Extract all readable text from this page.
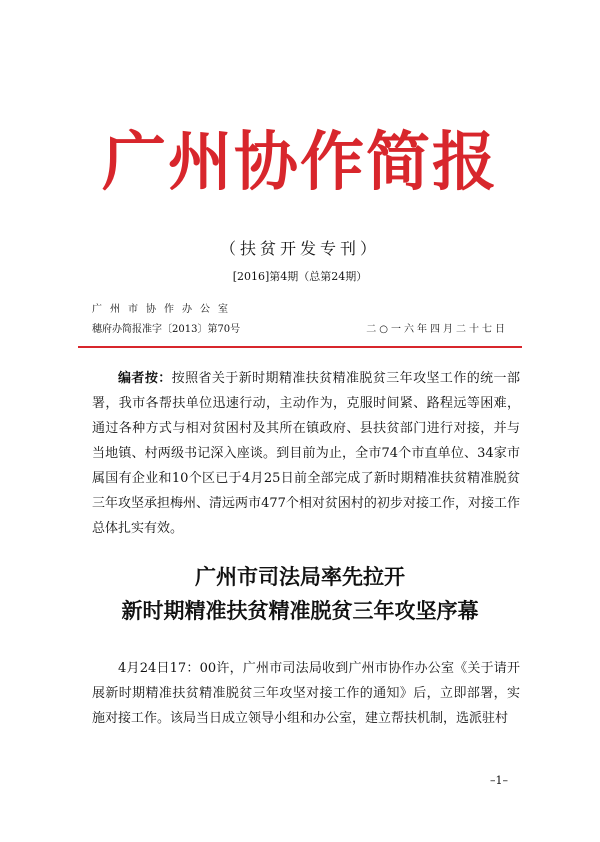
广州协作简报
（扶贫开发专刊）
[2016]第4期（总第24期）
广州市协作办公室
穗府办简报准字〔2013〕第70号	二○一六年四月二十七日
编者按：按照省关于新时期精准扶贫精准脱贫三年攻坚工作的统一部署，我市各帮扶单位迅速行动，主动作为，克服时间紧、路程远等困难，通过各种方式与相对贫困村及其所在镇政府、县扶贫部门进行对接，并与当地镇、村两级书记深入座谈。到目前为止，全市74个市直单位、34家市属国有企业和10个区已于4月25日前全部完成了新时期精准扶贫精准脱贫三年攻坚承担梅州、清远两市477个相对贫困村的初步对接工作，对接工作总体扎实有效。
广州市司法局率先拉开
新时期精准扶贫精准脱贫三年攻坚序幕
4月24日17：00许，广州市司法局收到广州市协作办公室《关于请开展新时期精准扶贫精准脱贫三年攻坚对接工作的通知》后，立即部署，实施对接工作。该局当日成立领导小组和办公室，建立帮扶机制，选派驻村
–1–
